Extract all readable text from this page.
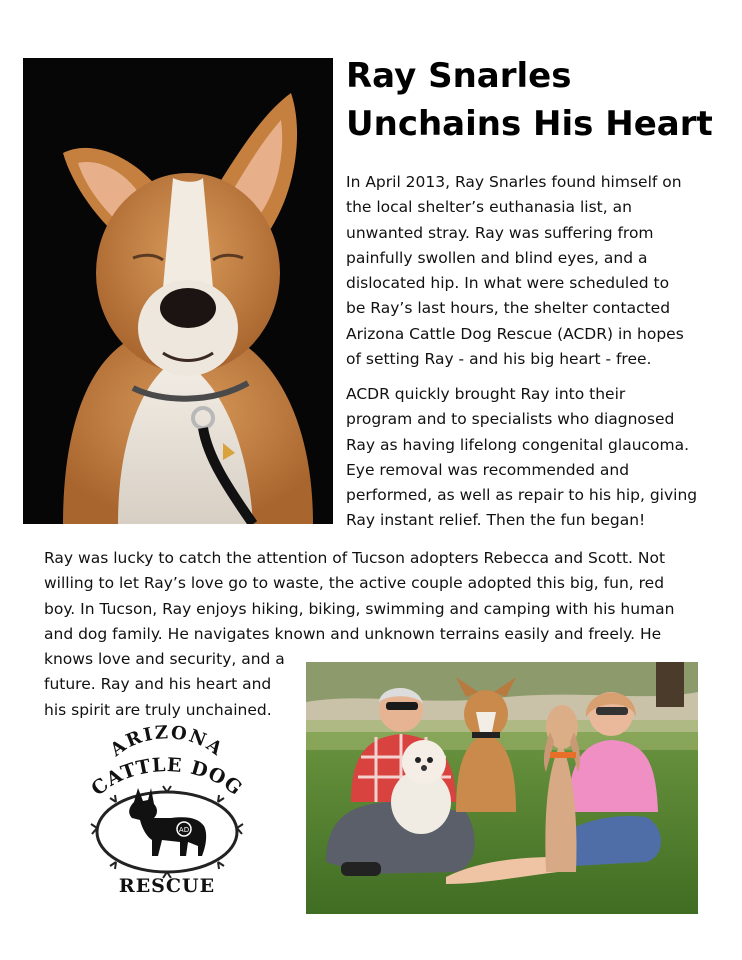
Ray Snarles
Unchains His Heart

In April 2013, Ray Snarles found himself on
the local shelter’s euthanasia list, an
unwanted stray. Ray was suffering from
painfully swollen and blind eyes, and a
dislocated hip. In what were scheduled to
be Ray’s last hours, the shelter contacted
Arizona Cattle Dog Rescue (ACDR) in hopes
of setting Ray - and his big heart - free.

ACDR quickly brought Ray into their
program and to specialists who diagnosed
Ray as having lifelong congenital glaucoma.
Eye removal was recommended and
performed, as well as repair to his hip, giving
Ray instant relief. Then the fun began!

Ray was lucky to catch the attention of Tucson adopters Rebecca and Scott. Not
willing to let Ray’s love go to waste, the active couple adopted this big, fun, red
boy. In Tucson, Ray enjoys hiking, biking, swimming and camping with his human
and dog family. He navigates known and unknown terrains easily and freely. He
knows love and security, and a
future. Ray and his heart and
his spirit are truly unchained.

ARIZONA
CATTLE DOG
AD
RESCUE
